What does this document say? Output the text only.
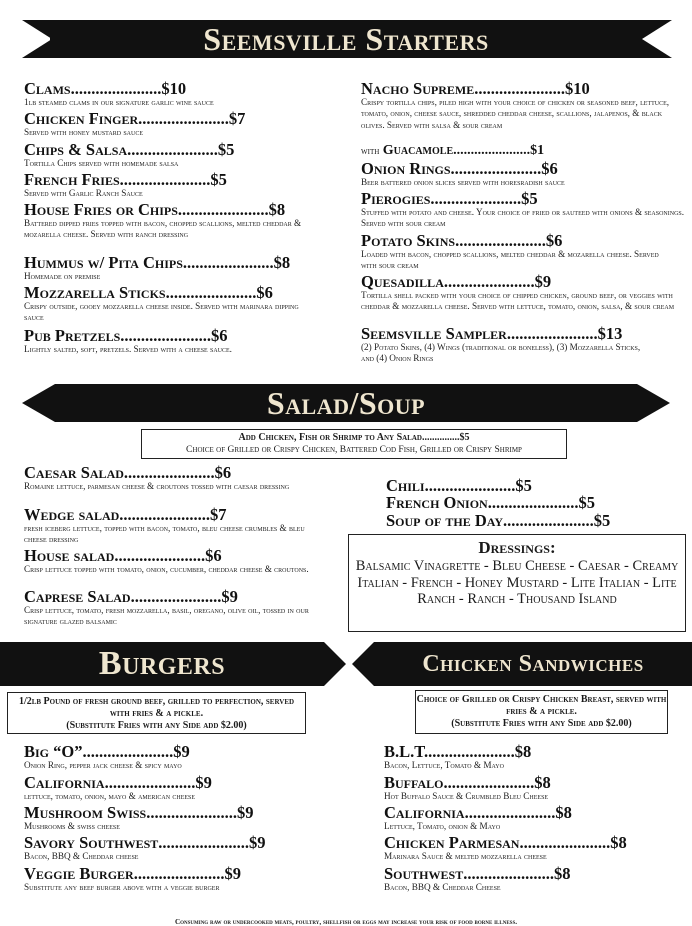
Seemsville Starters
Clams......................$10
1lb steamed clams in our signature garlic wine sauce
Chicken Finger......................$7
Served with honey mustard sauce
Chips & Salsa......................$5
Tortilla Chips served with homemade salsa
French Fries......................$5
Served with Garlic Ranch Sauce
House Fries or Chips......................$8
Battered dipped fries topped with bacon, chopped scallions, melted cheddar & mozarella cheese. Served with ranch dressing
Hummus w/ Pita Chips......................$8
Homemade on premise
Mozzarella Sticks......................$6
Crispy outside, gooey mozzarella cheese inside. Served with marinara dipping sauce
Pub Pretzels......................$6
Lightly salted, soft, pretzels. Served with a cheese sauce.
Nacho Supreme......................$10
Crispy tortilla chips, piled high with your choice of chicken or seasoned beef, lettuce, tomato, onion, cheese sauce, shredded cheddar cheese, scallions, jalapenos, & black olives. Served with salsa & sour cream
with Guacamole......................$1
Onion Rings......................$6
Beer battered onion slices served with horesradish sauce
Pierogies......................$5
Stuffed with potato and cheese. Your choice of fried or sauteed with onions & seasonings. Served with sour cream
Potato Skins......................$6
Loaded with bacon, chopped scallions, melted cheddar & mozarella cheese. Served with sour cream
Quesadilla......................$9
Tortilla shell packed with your choice of chipped chicken, ground beef, or veggies with cheddar & mozzarella cheese. Served with lettuce, tomato, onion, salsa, & sour cream
Seemsville Sampler......................$13
(2) Potato Skins, (4) Wings (traditional or boneless), (3) Mozzarella Sticks, and (4) Onion Rings
Salad/Soup
Add Chicken, Fish or Shrimp to Any Salad...............$5
Choice of Grilled or Crispy Chicken, Battered Cod Fish, Grilled or Crispy Shrimp
Caesar Salad......................$6
Romaine lettuce, parmesan cheese & croutons tossed with caesar dressing
Wedge salad......................$7
fresh iceberg lettuce, topped with bacon, tomato, bleu cheese crumbles & bleu cheese dressing
House salad......................$6
Crisp lettuce topped with tomato, onion, cucumber, cheddar cheese & croutons.
Caprese Salad......................$9
Crisp lettuce, tomato, fresh mozzarella, basil, oregano, olive oil, tossed in our signature glazed balsamic
Chili......................$5
French Onion......................$5
Soup of the Day......................$5
Dressings:
Balsamic Vinagrette - Bleu Cheese - Caesar - Creamy Italian - French - Honey Mustard - Lite Italian - Lite Ranch - Ranch - Thousand Island
Burgers	Chicken Sandwiches
1/2lb Pound of fresh ground beef, grilled to perfection, served with fries & a pickle.
(Substitute Fries with any Side add $2.00)
Choice of Grilled or Crispy Chicken Breast, served with fries & a pickle.
(Substitute Fries with any Side add $2.00)
Big “O”......................$9
Onion Ring, pepper jack cheese & spicy mayo
California......................$9
lettuce, tomato, onion, mayo & american cheese
Mushroom Swiss......................$9
Mushrooms & swiss cheese
Savory Southwest......................$9
Bacon, BBQ & Cheddar cheese
Veggie Burger......................$9
Substitute any beef burger above with a veggie burger
B.L.T......................$8
Bacon, Lettuce, Tomato & Mayo
Buffalo......................$8
Hot Buffalo Sauce & Crumbled Bleu Cheese
California......................$8
Lettuce, Tomato, onion & Mayo
Chicken Parmesan......................$8
Marinara Sauce & melted mozzarella cheese
Southwest......................$8
Bacon, BBQ & Cheddar Cheese
Consuming raw or undercooked meats, poultry, shellfish or eggs may increase your risk of food borne illness.
